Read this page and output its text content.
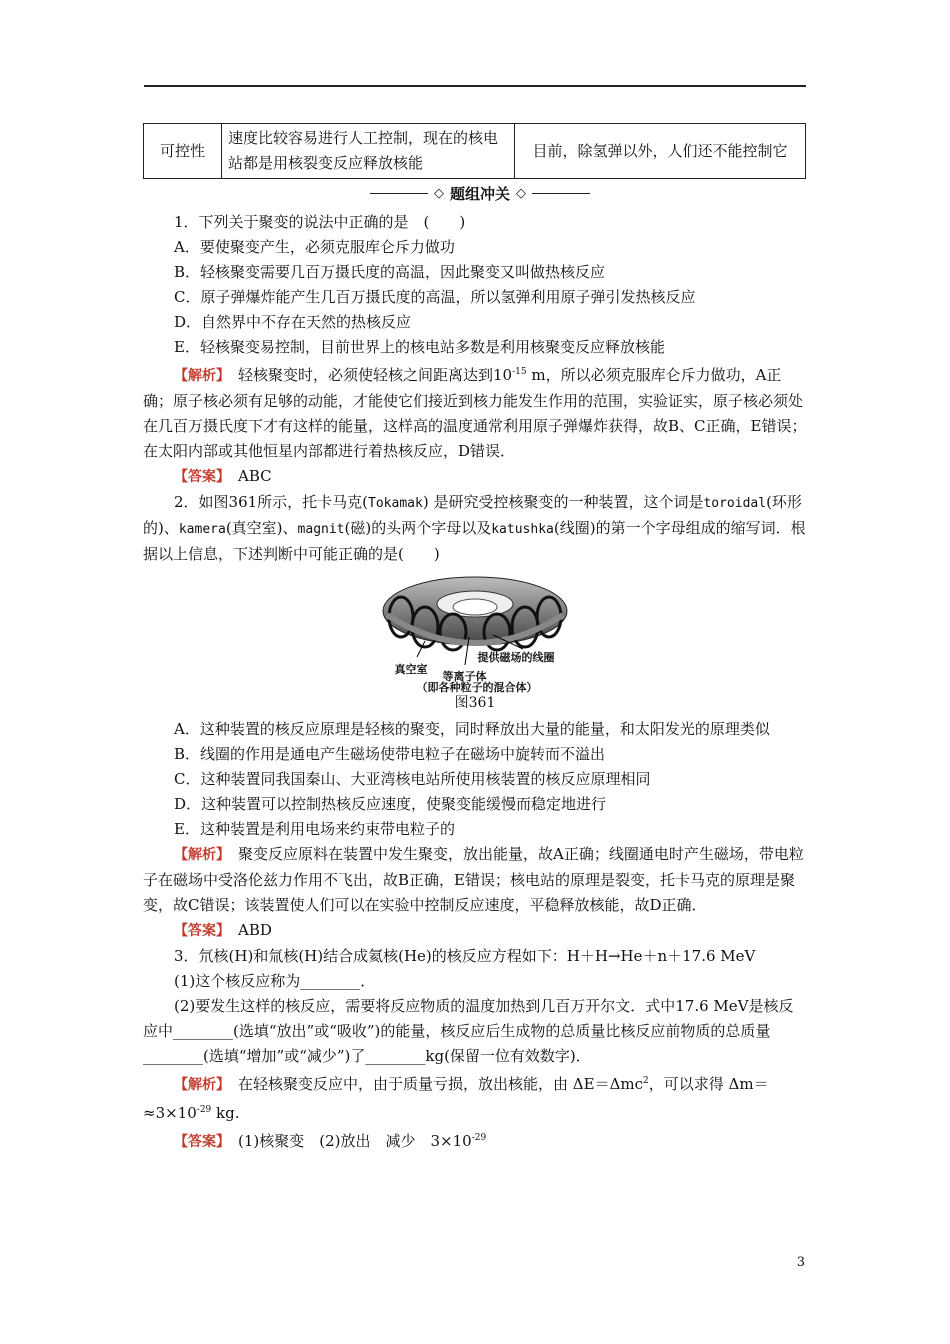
可控性	速度比较容易进行人工控制，现在的核电站都是用核裂变反应释放核能	目前，除氢弹以外，人们还不能控制它
◇ 题组冲关 ◇

1．下列关于聚变的说法中正确的是　(　　)

A．要使聚变产生，必须克服库仑斥力做功

B．轻核聚变需要几百万摄氏度的高温，因此聚变又叫做热核反应

C．原子弹爆炸能产生几百万摄氏度的高温，所以氢弹利用原子弹引发热核反应

D．自然界中不存在天然的热核反应

E．轻核聚变易控制，目前世界上的核电站多数是利用核聚变反应释放核能

【解析】　 轻核聚变时，必须使轻核之间距离达到$10^{-15}$ m，所以必须克服库仑斥力做功，A正确；原子核必须有足够的动能，才能使它们接近到核力能发生作用的范围，实验证实，原子核必须处在几百万摄氏度下才有这样的能量，这样高的温度通常利用原子弹爆炸获得，故B、C正确，E错误；在太阳内部或其他恒星内部都进行着热核反应，D错误．

【答案】　 ABC

2．如图361所示，托卡马克(Tokamak) 是研究受控核聚变的一种装置，这个词是toroidal(环形的)、kamera(真空室)、magnit(磁)的头两个字母以及katushka(线圈)的第一个字母组成的缩写词．根据以上信息，下述判断中可能正确的是(　　)

提供磁场的线圈
真空室
等离子体
（即各种粒子的混合体）
图361

A．这种装置的核反应原理是轻核的聚变，同时释放出大量的能量，和太阳发光的原理类似

B．线圈的作用是通电产生磁场使带电粒子在磁场中旋转而不溢出

C．这种装置同我国秦山、大亚湾核电站所使用核装置的核反应原理相同

D．这种装置可以控制热核反应速度，使聚变能缓慢而稳定地进行

E．这种装置是利用电场来约束带电粒子的

【解析】　 聚变反应原料在装置中发生聚变，放出能量，故A正确；线圈通电时产生磁场，带电粒子在磁场中受洛伦兹力作用不飞出，故B正确，E错误；核电站的原理是裂变，托卡马克的原理是聚变，故C错误；该装置使人们可以在实验中控制反应速度，平稳释放核能，故D正确．

【答案】　 ABD

3．氘核(H)和氚核(H)结合成氦核(He)的核反应方程如下：H＋H→He＋n＋17.6 MeV

(1)这个核反应称为________．

(2)要发生这样的核反应，需要将反应物质的温度加热到几百万开尔文．式中17.6 MeV是核反应中________(选填“放出”或“吸收”)的能量，核反应后生成物的总质量比核反应前物质的总质量________(选填“增加”或“减少”)了________kg(保留一位有效数字)．

【解析】　 在轻核聚变反应中，由于质量亏损，放出核能，由 ΔE＝Δmc$^2$，可以求得 Δm＝
$\approx 3\times 10^{-29}$ kg.

【答案】　 (1)核聚变　(2)放出　减少　$3\times 10^{-29}$

3
